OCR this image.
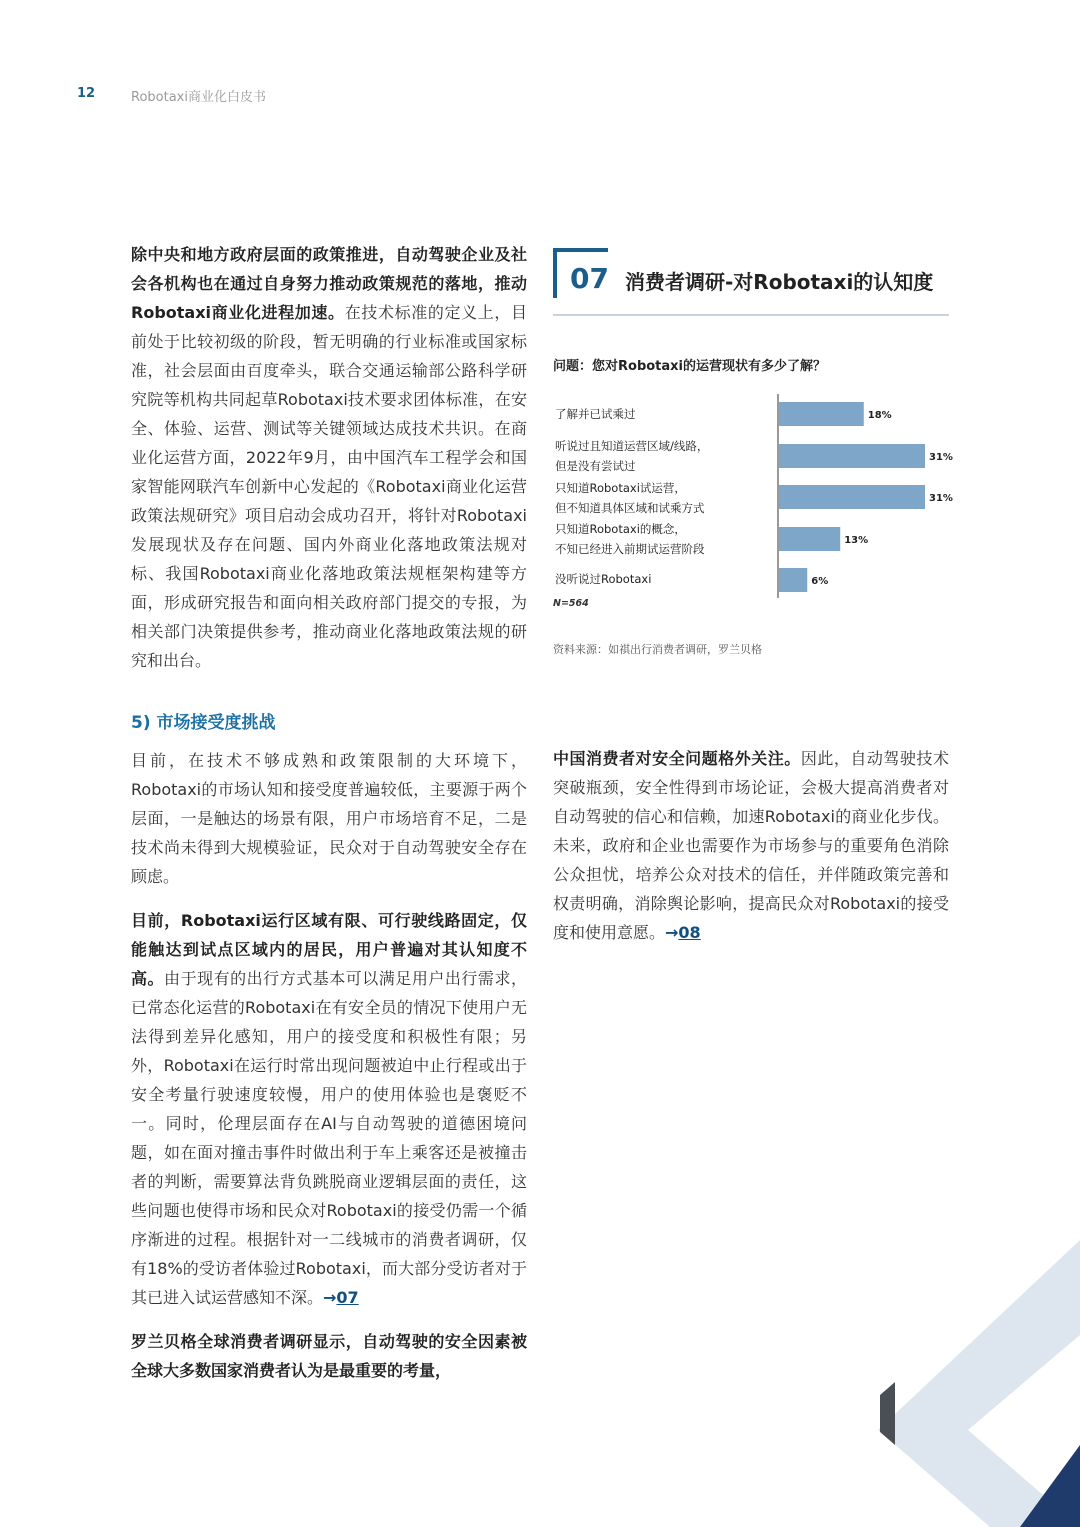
12	Robotaxi商业化白皮书

除中央和地方政府层面的政策推进，自动驾驶企业及社会各机构也在通过自身努力推动政策规范的落地，推动Robotaxi商业化进程加速。在技术标准的定义上，目前处于比较初级的阶段，暂无明确的行业标准或国家标准，社会层面由百度牵头，联合交通运输部公路科学研究院等机构共同起草Robotaxi技术要求团体标准，在安全、体验、运营、测试等关键领域达成技术共识。在商业化运营方面，2022年9月，由中国汽车工程学会和国家智能网联汽车创新中心发起的《Robotaxi商业化运营政策法规研究》项目启动会成功召开，将针对Robotaxi发展现状及存在问题、国内外商业化落地政策法规对标、我国Robotaxi商业化落地政策法规框架构建等方面，形成研究报告和面向相关政府部门提交的专报，为相关部门决策提供参考，推动商业化落地政策法规的研究和出台。

5) 市场接受度挑战

目前，在技术不够成熟和政策限制的大环境下，Robotaxi的市场认知和接受度普遍较低，主要源于两个层面，一是触达的场景有限，用户市场培育不足，二是技术尚未得到大规模验证，民众对于自动驾驶安全存在顾虑。

目前，Robotaxi运行区域有限、可行驶线路固定，仅能触达到试点区域内的居民，用户普遍对其认知度不高。由于现有的出行方式基本可以满足用户出行需求，已常态化运营的Robotaxi在有安全员的情况下使用户无法得到差异化感知，用户的接受度和积极性有限；另外，Robotaxi在运行时常出现问题被迫中止行程或出于安全考量行驶速度较慢，用户的使用体验也是褒贬不一。同时，伦理层面存在AI与自动驾驶的道德困境问题，如在面对撞击事件时做出利于车上乘客还是被撞击者的判断，需要算法背负跳脱商业逻辑层面的责任，这些问题也使得市场和民众对Robotaxi的接受仍需一个循序渐进的过程。根据针对一二线城市的消费者调研，仅有18%的受访者体验过Robotaxi，而大部分受访者对于其已进入试运营感知不深。→07

罗兰贝格全球消费者调研显示，自动驾驶的安全因素被全球大多数国家消费者认为是最重要的考量，

中国消费者对安全问题格外关注。因此，自动驾驶技术突破瓶颈，安全性得到市场论证，会极大提高消费者对自动驾驶的信心和信赖，加速Robotaxi的商业化步伐。未来，政府和企业也需要作为市场参与的重要角色消除公众担忧，培养公众对技术的信任，并伴随政策完善和权责明确，消除舆论影响，提高民众对Robotaxi的接受度和使用意愿。→08

07 消费者调研-对Robotaxi的认知度
问题：您对Robotaxi的运营现状有多少了解？
18%
31%
31%
13%
6%
了解并已试乘过
听说过且知道运营区域/线路，
但是没有尝试过
只知道Robotaxi试运营，
但不知道具体区域和试乘方式
只知道Robotaxi的概念，
不知已经进入前期试运营阶段
没听说过Robotaxi
N=564
资料来源：如祺出行消费者调研，罗兰贝格
